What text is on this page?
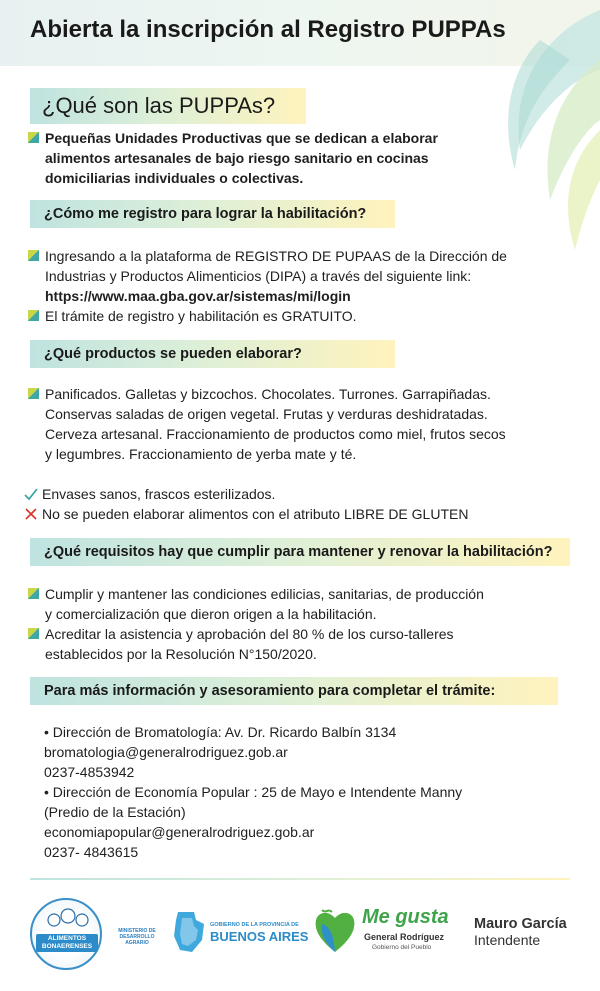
Abierta la inscripción al Registro PUPPAs
¿Qué son las PUPPAs?
Pequeñas Unidades Productivas que se dedican a elaborar
alimentos artesanales de bajo riesgo sanitario en cocinas
domiciliarias individuales o colectivas.
¿Cómo me registro para lograr la habilitación?
Ingresando a la plataforma de REGISTRO DE PUPAAS de la Dirección de
Industrias y Productos Alimenticios (DIPA) a través del siguiente link:
https://www.maa.gba.gov.ar/sistemas/mi/login
El trámite de registro y habilitación es GRATUITO.
¿Qué productos se pueden elaborar?
Panificados. Galletas y bizcochos. Chocolates. Turrones. Garrapiñadas.
Conservas saladas de origen vegetal. Frutas y verduras deshidratadas.
Cerveza artesanal. Fraccionamiento de productos como miel, frutos secos
y legumbres. Fraccionamiento de yerba mate y té.
Envases sanos, frascos esterilizados.
No se pueden elaborar alimentos con el atributo LIBRE DE GLUTEN
¿Qué requisitos hay que cumplir para mantener y renovar la habilitación?
Cumplir y mantener las condiciones edilicias, sanitarias, de producción
y comercialización que dieron origen a la habilitación.
Acreditar la asistencia y aprobación del 80 % de los curso-talleres
establecidos por la Resolución N°150/2020.
Para más información y asesoramiento para completar el trámite:
• Dirección de Bromatología: Av. Dr. Ricardo Balbín 3134
bromatologia@generalrodriguez.gob.ar
0237-4853942
• Dirección de Economía Popular : 25 de Mayo e Intendente Manny
(Predio de la Estación)
economiapopular@generalrodriguez.gob.ar
0237- 4843615
ALIMENTOS
BONAERENSES
MINISTERIO DE
DESARROLLO AGRARIO
GOBIERNO DE LA PROVINCIA DE
BUENOS AIRES
Me gusta
General Rodríguez
Gobierno del Pueblo
Mauro García
Intendente
